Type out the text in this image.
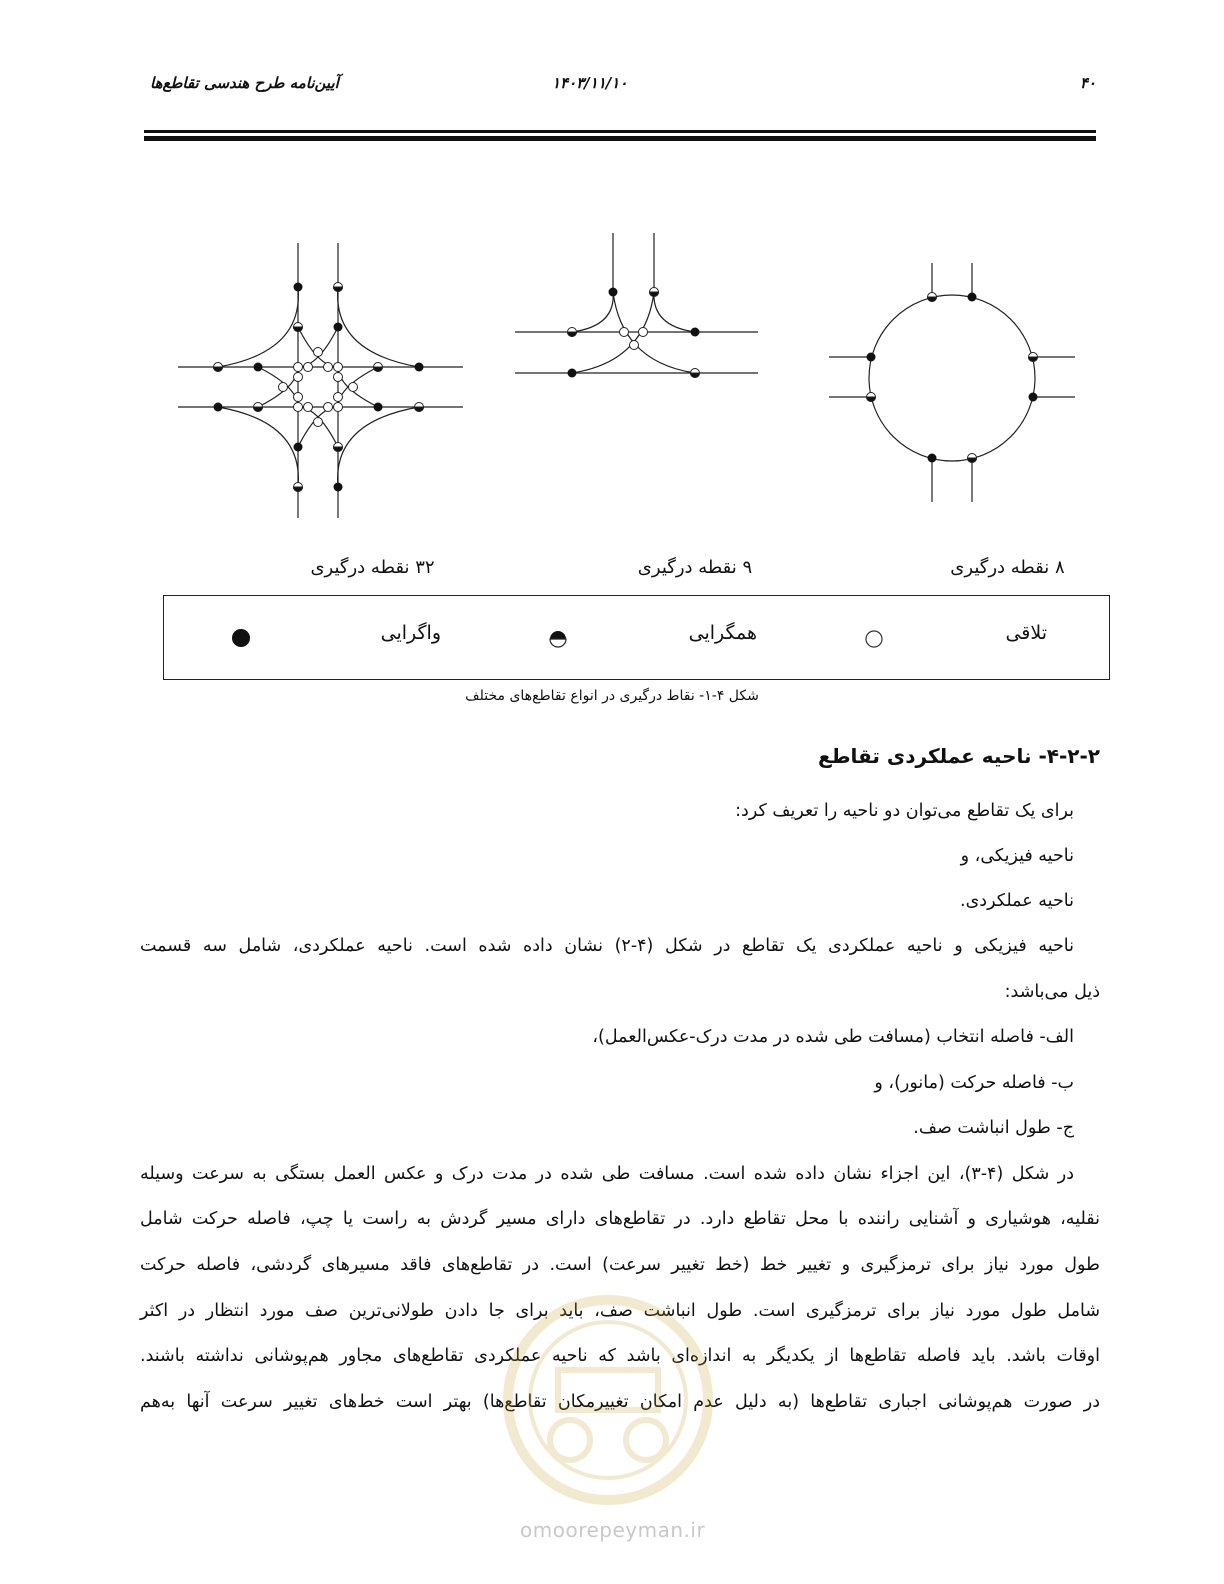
۴۰
۱۴۰۳/۱۱/۱۰
آیین‌نامه طرح هندسی تقاطع‌ها
۳۲ نقطه درگیری	۹ نقطه درگیری	۸ نقطه درگیری
تلاقی
همگرایی
واگرایی
شکل ۴-۱- نقاط درگیری در انواع تقاطع‌های مختلف
۴-۲-۲- ناحیه عملکردی تقاطع
برای یک تقاطع می‌توان دو ناحیه را تعریف کرد:
ناحیه فیزیکی، و
ناحیه عملکردی.
ناحیه فیزیکی و ناحیه عملکردی یک تقاطع در شکل (۴-۲) نشان داده شده است. ناحیه عملکردی، شامل سه قسمت
ذیل می‌باشد:
الف- فاصله انتخاب (مسافت طی شده در مدت درک-عکس‌العمل)،
ب- فاصله حرکت (مانور)، و
ج- طول انباشت صف.
در شکل (۴-۳)، این اجزاء نشان داده شده است. مسافت طی شده در مدت درک و عکس العمل بستگی به سرعت وسیله
نقلیه، هوشیاری و آشنایی راننده با محل تقاطع دارد. در تقاطع‌های دارای مسیر گردش به راست یا چپ، فاصله حرکت شامل
طول مورد نیاز برای ترمزگیری و تغییر خط (خط تغییر سرعت) است. در تقاطع‌های فاقد مسیرهای گردشی، فاصله حرکت
شامل طول مورد نیاز برای ترمزگیری است. طول انباشت صف، باید برای جا دادن طولانی‌ترین صف مورد انتظار در اکثر
اوقات باشد. باید فاصله تقاطع‌ها از یکدیگر به اندازه‌ای باشد که ناحیه عملکردی تقاطع‌های مجاور هم‌پوشانی نداشته باشند.
در صورت هم‌پوشانی اجباری تقاطع‌ها (به دلیل عدم امکان تغییرمکان تقاطع‌ها) بهتر است خط‌های تغییر سرعت آنها به‌هم
omoorepeyman.ir
